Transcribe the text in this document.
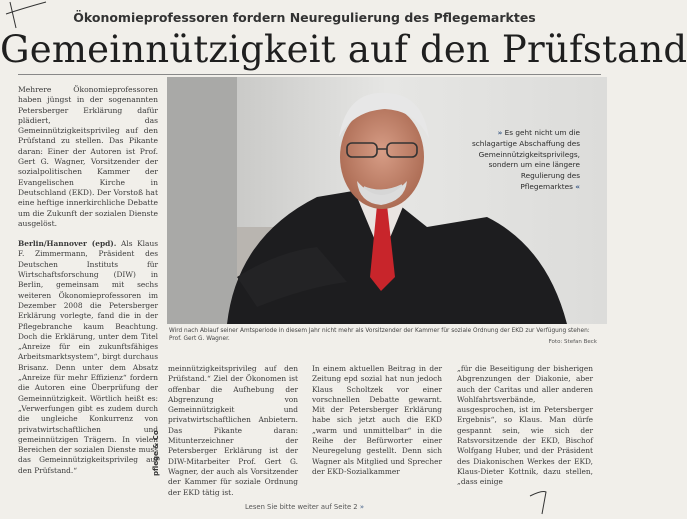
Ökonomieprofessoren fordern Neuregulierung des Pflegemarktes
Gemeinnützigkeit auf den Prüfstand

Mehrere Ökonomieprofessoren haben jüngst in der sogenannten Petersberger Erklärung dafür plädiert, das Gemeinnützigkeitsprivileg auf den Prüfstand zu stellen. Das Pikante daran: Einer der Autoren ist Prof. Gert G. Wagner, Vorsitzender der sozialpolitischen Kammer der Evangelischen Kirche in Deutschland (EKD). Der Vorstoß hat eine heftige innerkirchliche Debatte um die Zukunft der sozialen Dienste ausgelöst.

Berlin/Hannover (epd). Als Klaus F. Zimmermann, Präsident des Deutschen Instituts für Wirtschaftsforschung (DIW) in Berlin, gemeinsam mit sechs weiteren Ökonomieprofessoren im Dezember 2008 die Petersberger Erklärung vorlegte, fand die in der Pflegebranche kaum Beachtung. Doch die Erklärung, unter dem Titel „Anreize für ein zukunftsfähiges Arbeitsmarktsystem“, birgt durchaus Brisanz. Denn unter dem Absatz „Anreize für mehr Effizienz“ fordern die Autoren eine Überprüfung der Gemeinnützigkeit. Wörtlich heißt es: „Verwerfungen gibt es zudem durch die ungleiche Konkurrenz von privatwirtschaftlichen und gemeinnützigen Trägern. In vielen Bereichen der sozialen Dienste muss das Gemeinnützigkeitsprivileg auf den Prüfstand.“

» Es geht nicht um die schlagartige Abschaffung des Gemeinnützigkeitsprivilegs, sondern um eine längere Regulierung des Pflegemarktes «
Wird nach Ablauf seiner Amtsperiode in diesem Jahr nicht mehr als Vorsitzender der Kammer für soziale Ordnung der EKD zur Verfügung stehen: Prof. Gert G. Wagner.	Foto: Stefan Beck

meinnützigkeitsprivileg auf den Prüfstand.“ Ziel der Ökonomen ist offenbar die Aufhebung der Abgrenzung von Gemeinnützigkeit und privatwirtschaftlichen Anbietern. Das Pikante daran: Mitunterzeichner der Petersberger Erklärung ist der DIW-Mitarbeiter Prof. Gert G. Wagner, der auch als Vorsitzender der Kammer für soziale Ordnung der EKD tätig ist.

In einem aktuellen Beitrag in der Zeitung epd sozial hat nun jedoch Klaus Scholtzek vor einer vorschnellen Debatte gewarnt. Mit der Petersberger Erklärung habe sich jetzt auch die EKD „warm und unmittelbar“ in die Reihe der Befürworter einer Neuregelung gestellt. Denn sich Wagner als Mitglied und Sprecher der EKD-Sozialkammer

„für die Beseitigung der bisherigen Abgrenzungen der Diakonie, aber auch der Caritas und aller anderen Wohlfahrtsverbände, ausgesprochen, ist im Petersberger Ergebnis“, so Klaus. Man dürfe gespannt sein, wie sich der Ratsvorsitzende der EKD, Bischof Wolfgang Huber, und der Präsident des Diakonischen Werkes der EKD, Klaus-Dieter Kottnik, dazu stellen, „dass einige

pflege & Co
Lesen Sie bitte weiter auf Seite 2 »
